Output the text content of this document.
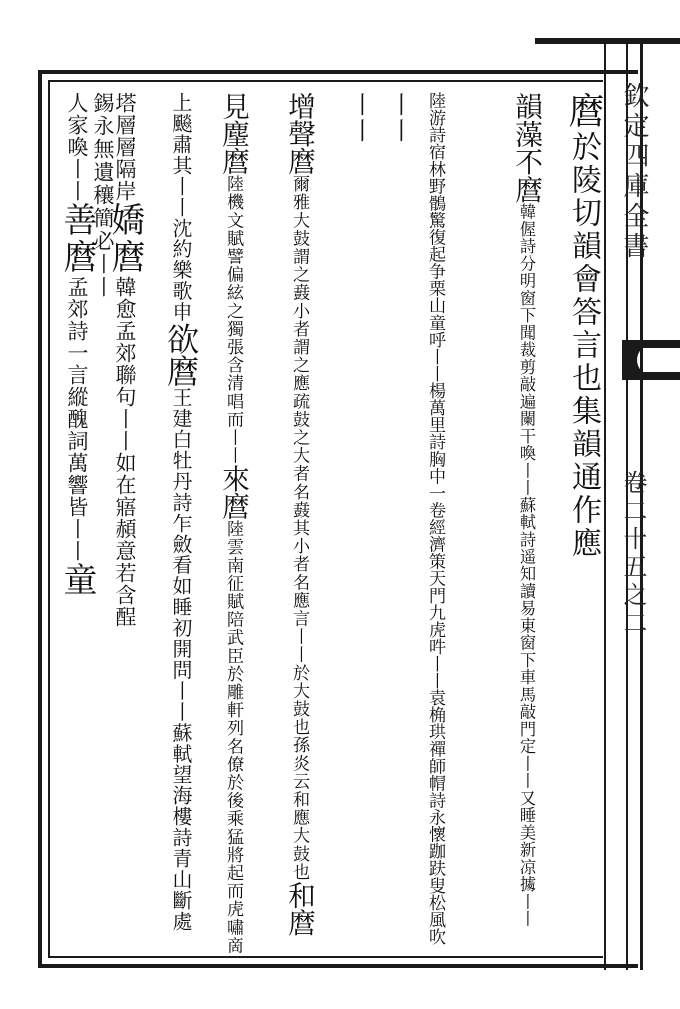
欽定四庫全書
卷二十五之二
麿於陵切韻會答言也集韻通作應
韻藻不麿韓偓詩分明窗下聞裁剪敲遍闌干喚丨丨蘇軾詩遥知讀易東窗下車馬敲門定丨丨又睡美新凉㩀丨丨
陸游詩宿林野鶻驚復起争栗山童呼丨丨楊萬里詩胸中一卷經濟策天門九虎吽丨丨袁桷珙禪師㡌詩永懷跏趺叟松風吹
丨丨
丨丨
增聲麿爾雅大鼓謂之鼖小者謂之應疏鼓之大者名鼖其小者名應言丨丨於大鼓也孫炎云和應大鼓也和麿
見麈麿陸機文賦譬偏絃之獨張含清唱而丨丨來麿陸雲南征賦陪武臣於雕軒列名僚於後乘猛將起而虎嘯啇
上飈肅其丨丨沈約樂歌申欲麿王建白牡丹詩乍斂看如睡初開問丨丨蘇軾望海樓詩青山斷處
塔層層隔岸嬌麿韓愈孟郊聯句丨丨如在寤頳意若含酲
錫永無遺穰簡必丨丨
人家喚丨丨善麿孟郊詩一言縱醜詞萬響皆丨丨童
